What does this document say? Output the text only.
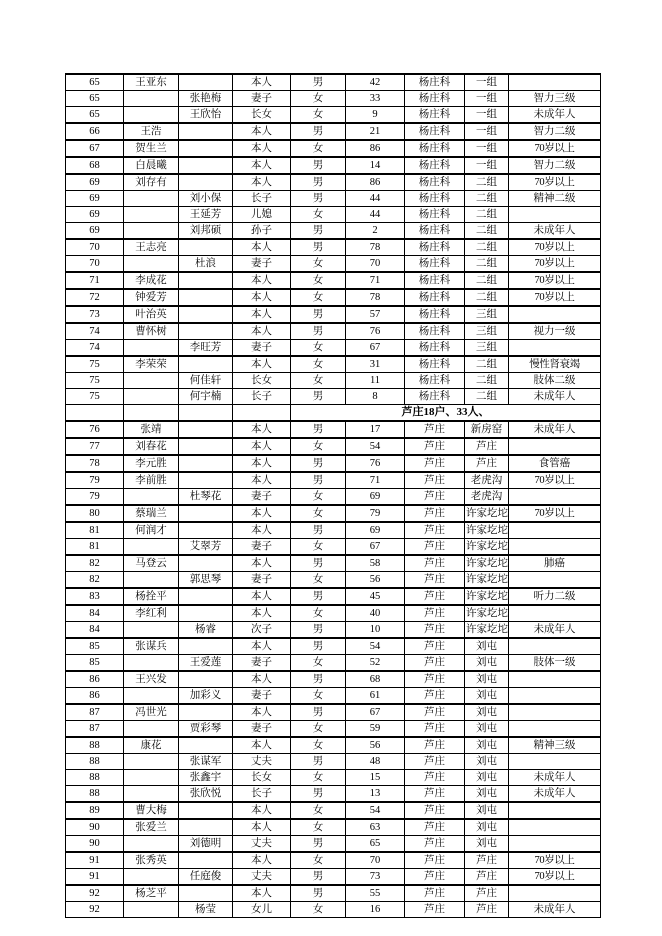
65	王亚东		本人	男	42	杨庄科	一组	
65		张艳梅	妻子	女	33	杨庄科	一组	智力三级
65		王欣怡	长女	女	9	杨庄科	一组	未成年人
66	王浩		本人	男	21	杨庄科	一组	智力二级
67	贺生兰		本人	女	86	杨庄科	一组	70岁以上
68	白晨曦		本人	男	14	杨庄科	一组	智力二级
69	刘存有		本人	男	86	杨庄科	二组	70岁以上
69		刘小保	长子	男	44	杨庄科	二组	精神二级
69		王延芳	儿媳	女	44	杨庄科	二组	
69		刘邦硕	孙子	男	2	杨庄科	二组	未成年人
70	王志亮		本人	男	78	杨庄科	二组	70岁以上
70		杜浪	妻子	女	70	杨庄科	二组	70岁以上
71	李成花		本人	女	71	杨庄科	二组	70岁以上
72	钟爱芳		本人	女	78	杨庄科	二组	70岁以上
73	叶治英		本人	男	57	杨庄科	三组	
74	曹怀树		本人	男	76	杨庄科	三组	视力一级
74		李旺芳	妻子	女	67	杨庄科	三组	
75	李荣荣		本人	女	31	杨庄科	二组	慢性肾衰竭
75		何佳轩	长女	女	11	杨庄科	二组	肢体二级
75		何宇楠	长子	男	8	杨庄科	二组	未成年人
				芦庄18户、33人、				
76	张靖		本人	男	17	芦庄	新房窑	未成年人
77	刘春花		本人	女	54	芦庄	芦庄	
78	李元胜		本人	男	76	芦庄	芦庄	食管癌
79	李前胜		本人	男	71	芦庄	老虎沟	70岁以上
79		杜琴花	妻子	女	69	芦庄	老虎沟	
80	蔡瑞兰		本人	女	79	芦庄	许家圪坨	70岁以上
81	何润才		本人	男	69	芦庄	许家圪坨	
81		艾翠芳	妻子	女	67	芦庄	许家圪坨	
82	马登云		本人	男	58	芦庄	许家圪坨	肺癌
82		郭思琴	妻子	女	56	芦庄	许家圪坨	
83	杨拴平		本人	男	45	芦庄	许家圪坨	听力二级
84	李红利		本人	女	40	芦庄	许家圪坨	
84		杨睿	次子	男	10	芦庄	许家圪坨	未成年人
85	张谋兵		本人	男	54	芦庄	刘屯	
85		王爱莲	妻子	女	52	芦庄	刘屯	肢体一级
86	王兴发		本人	男	68	芦庄	刘屯	
86		加彩义	妻子	女	61	芦庄	刘屯	
87	冯世光		本人	男	67	芦庄	刘屯	
87		贾彩琴	妻子	女	59	芦庄	刘屯	
88	康花		本人	女	56	芦庄	刘屯	精神三级
88		张谋军	丈夫	男	48	芦庄	刘屯	
88		张鑫宇	长女	女	15	芦庄	刘屯	未成年人
88		张欣悦	长子	男	13	芦庄	刘屯	未成年人
89	曹大梅		本人	女	54	芦庄	刘屯	
90	张爱兰		本人	女	63	芦庄	刘屯	
90		刘德明	丈夫	男	65	芦庄	刘屯	
91	张秀英		本人	女	70	芦庄	芦庄	70岁以上
91		任庭俊	丈夫	男	73	芦庄	芦庄	70岁以上
92	杨芝平		本人	男	55	芦庄	芦庄	
92		杨莹	女儿	女	16	芦庄	芦庄	未成年人
